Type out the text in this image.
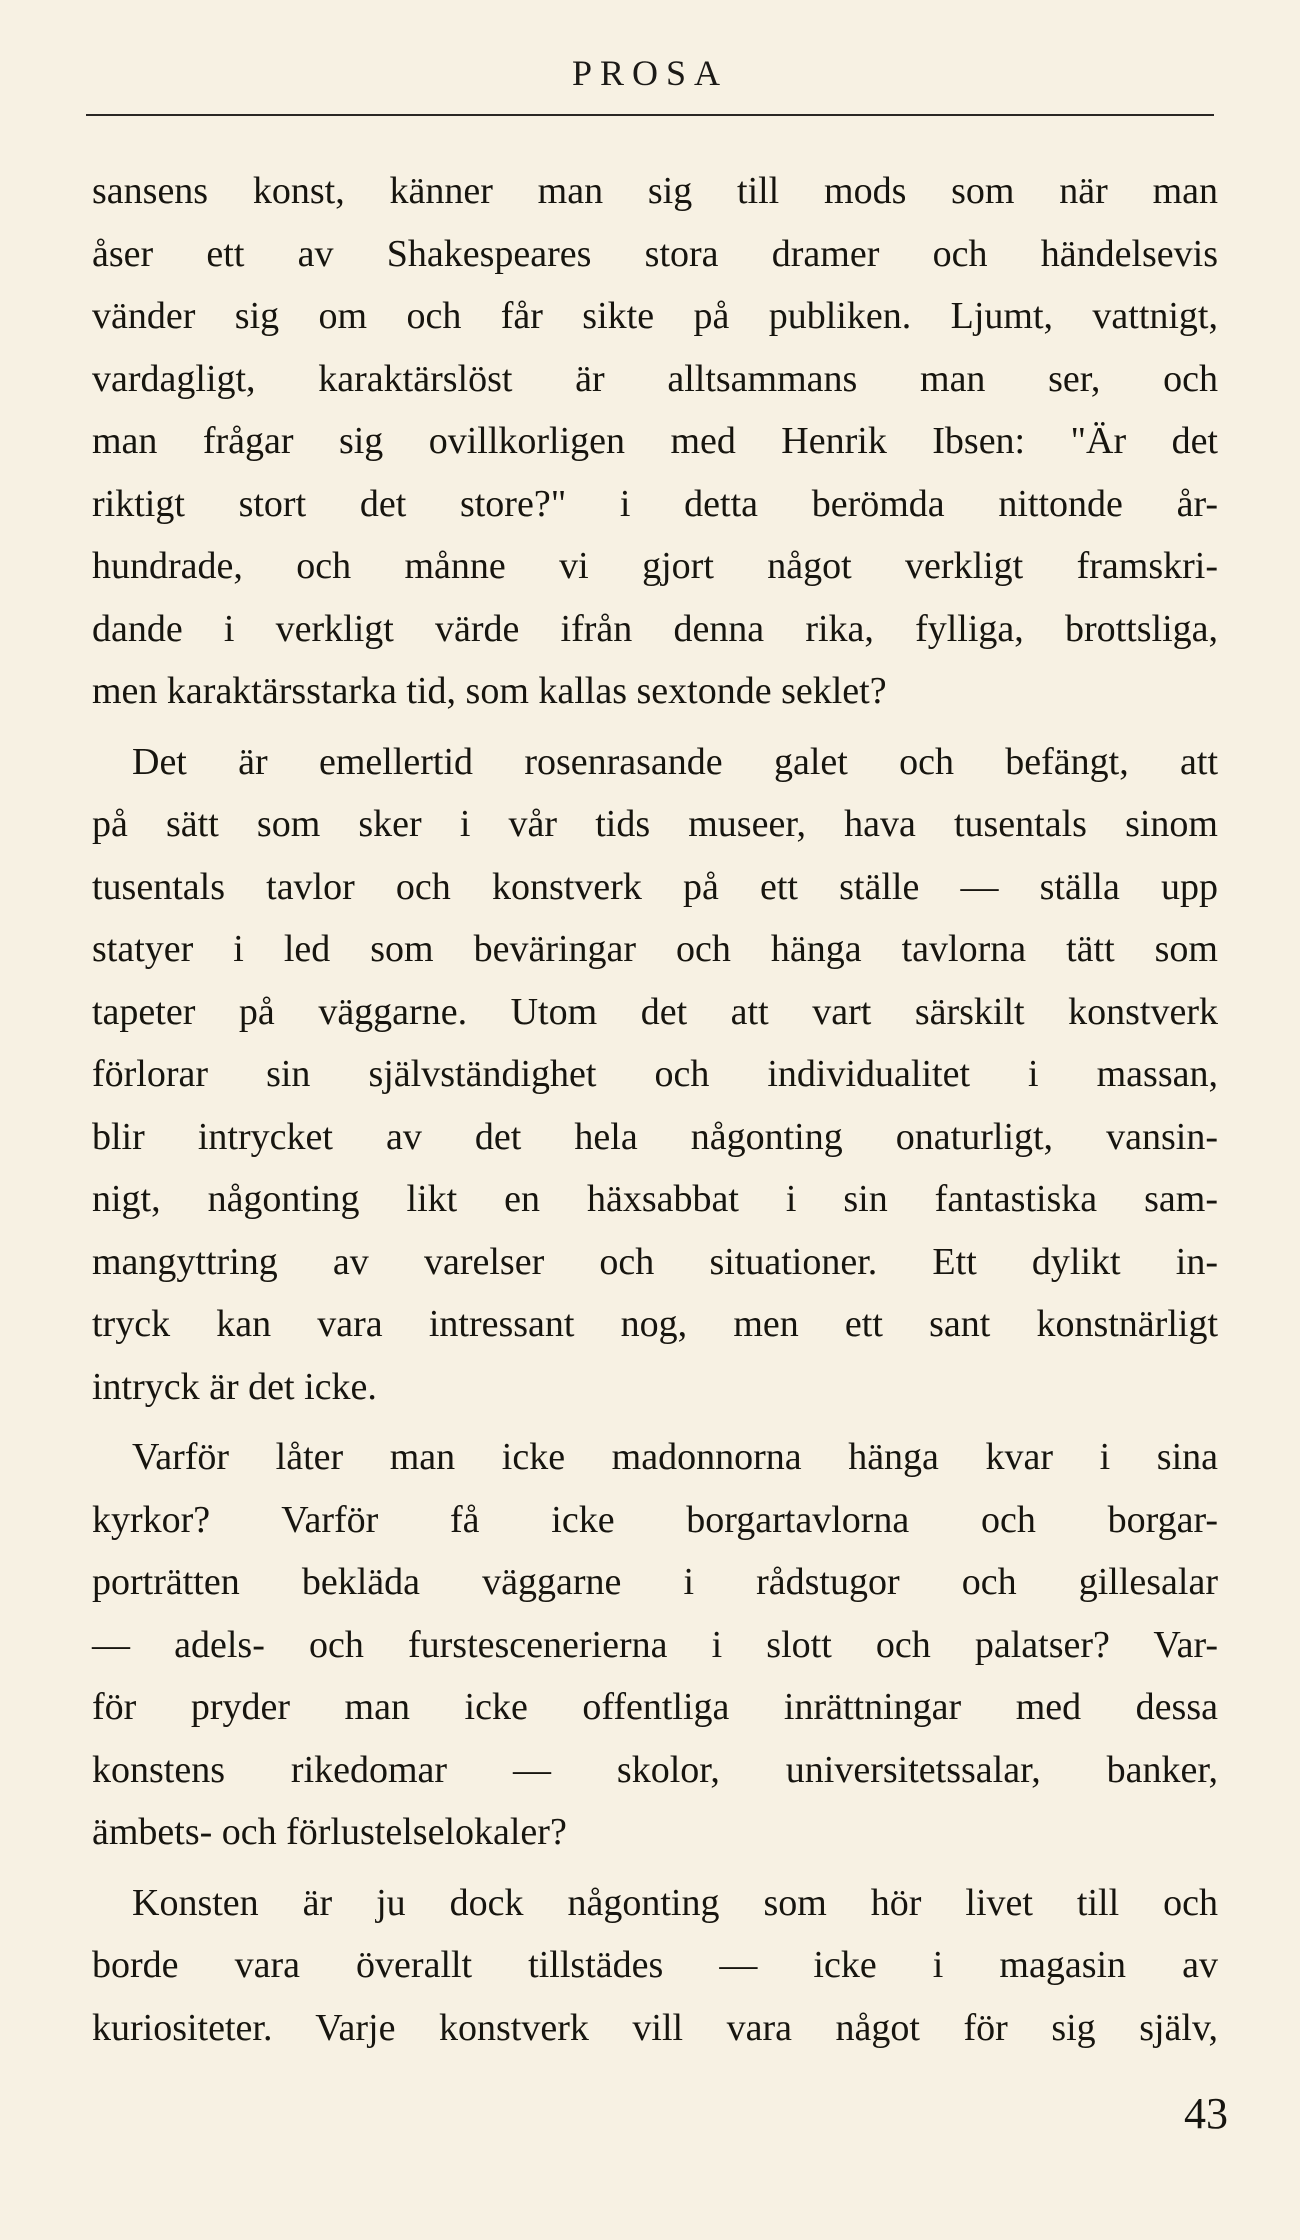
PROSA

sansens konst, känner man sig till mods som när man
åser ett av Shakespeares stora dramer och händelsevis
vänder sig om och får sikte på publiken. Ljumt, vattnigt,
vardagligt, karaktärslöst är alltsammans man ser, och
man frågar sig ovillkorligen med Henrik Ibsen: "Är det
riktigt stort det store?" i detta berömda nittonde år-
hundrade, och månne vi gjort något verkligt framskri-
dande i verkligt värde ifrån denna rika, fylliga, brottsliga,
men karaktärsstarka tid, som kallas sextonde seklet?

Det är emellertid rosenrasande galet och befängt, att
på sätt som sker i vår tids museer, hava tusentals sinom
tusentals tavlor och konstverk på ett ställe — ställa upp
statyer i led som beväringar och hänga tavlorna tätt som
tapeter på väggarne. Utom det att vart särskilt konstverk
förlorar sin självständighet och individualitet i massan,
blir intrycket av det hela någonting onaturligt, vansin-
nigt, någonting likt en häxsabbat i sin fantastiska sam-
mangyttring av varelser och situationer. Ett dylikt in-
tryck kan vara intressant nog, men ett sant konstnärligt
intryck är det icke.

Varför låter man icke madonnorna hänga kvar i sina
kyrkor? Varför få icke borgartavlorna och borgar-
porträtten bekläda väggarne i rådstugor och gillesalar
— adels- och furstescenerierna i slott och palatser? Var-
för pryder man icke offentliga inrättningar med dessa
konstens rikedomar — skolor, universitetssalar, banker,
ämbets- och förlustelselokaler?

Konsten är ju dock någonting som hör livet till och
borde vara överallt tillstädes — icke i magasin av
kuriositeter. Varje konstverk vill vara något för sig själv,

43
